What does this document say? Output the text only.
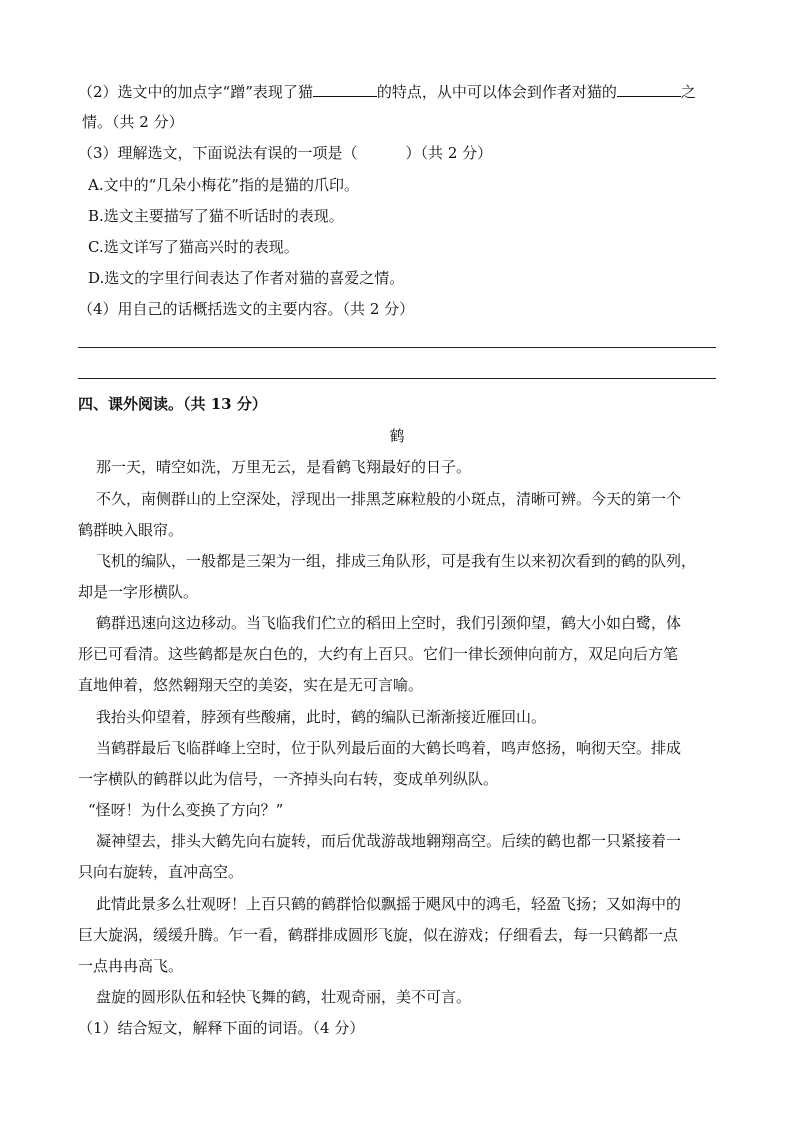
（2）选文中的加点字“蹭”表现了猫	的特点，从中可以体会到作者对猫的	之
情。（共 2 分）
（3）理解选文，下面说法有误的一项是（	）（共 2 分）
A.文中的“几朵小梅花”指的是猫的爪印。
B.选文主要描写了猫不听话时的表现。
C.选文详写了猫高兴时的表现。
D.选文的字里行间表达了作者对猫的喜爱之情。
（4）用自己的话概括选文的主要内容。（共 2 分）
四、课外阅读。（共 13 分）
鹤
那一天，晴空如洗，万里无云，是看鹤飞翔最好的日子。
不久，南侧群山的上空深处，浮现出一排黑芝麻粒般的小斑点，清晰可辨。今天的第一个
鹤群映入眼帘。
飞机的编队，一般都是三架为一组，排成三角队形，可是我有生以来初次看到的鹤的队列，
却是一字形横队。
鹤群迅速向这边移动。当飞临我们伫立的稻田上空时，我们引颈仰望，鹤大小如白鹭，体
形已可看清。这些鹤都是灰白色的，大约有上百只。它们一律长颈伸向前方，双足向后方笔
直地伸着，悠然翱翔天空的美姿，实在是无可言喻。
我抬头仰望着，脖颈有些酸痛，此时，鹤的编队已渐渐接近雁回山。
当鹤群最后飞临群峰上空时，位于队列最后面的大鹤长鸣着，鸣声悠扬，响彻天空。排成
一字横队的鹤群以此为信号，一齐掉头向右转，变成单列纵队。
“怪呀！为什么变换了方向？”
凝神望去，排头大鹤先向右旋转，而后优哉游哉地翱翔高空。后续的鹤也都一只紧接着一
只向右旋转，直冲高空。
此情此景多么壮观呀！上百只鹤的鹤群恰似飘摇于飓风中的鸿毛，轻盈飞扬；又如海中的
巨大旋涡，缓缓升腾。乍一看，鹤群排成圆形飞旋，似在游戏；仔细看去，每一只鹤都一点
一点冉冉高飞。
盘旋的圆形队伍和轻快飞舞的鹤，壮观奇丽，美不可言。
（1）结合短文，解释下面的词语。（4 分）
